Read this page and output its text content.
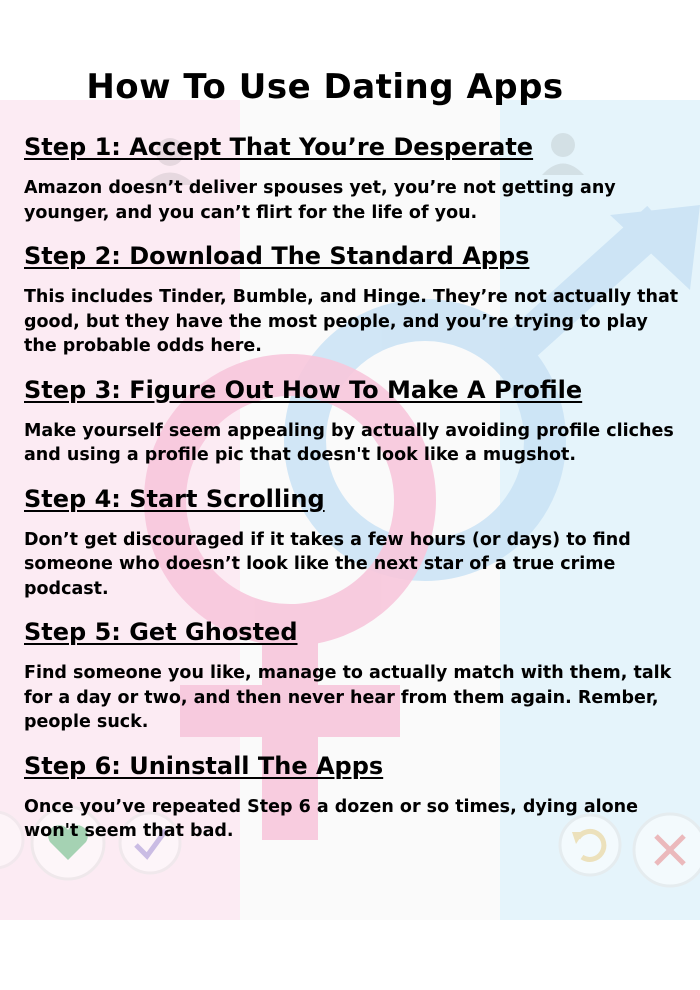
How To Use Dating Apps
Step 1: Accept That You’re Desperate
Amazon doesn’t deliver spouses yet, you’re not getting any younger, and you can’t flirt for the life of you.
Step 2: Download The Standard Apps
This includes Tinder, Bumble, and Hinge. They’re not actually that good, but they have the most people, and you’re trying to play the probable odds here.
Step 3: Figure Out How To Make A Profile
Make yourself seem appealing by actually avoiding profile cliches and using a profile pic that doesn't look like a mugshot.
Step 4: Start Scrolling
Don’t get discouraged if it takes a few hours (or days) to find someone who doesn’t look like the next star of a true crime podcast.
Step 5: Get Ghosted
Find someone you like, manage to actually match with them, talk for a day or two, and then never hear from them again. Rember, people suck.
Step 6: Uninstall The Apps
Once you’ve repeated Step 6 a dozen or so times, dying alone won't seem that bad.
